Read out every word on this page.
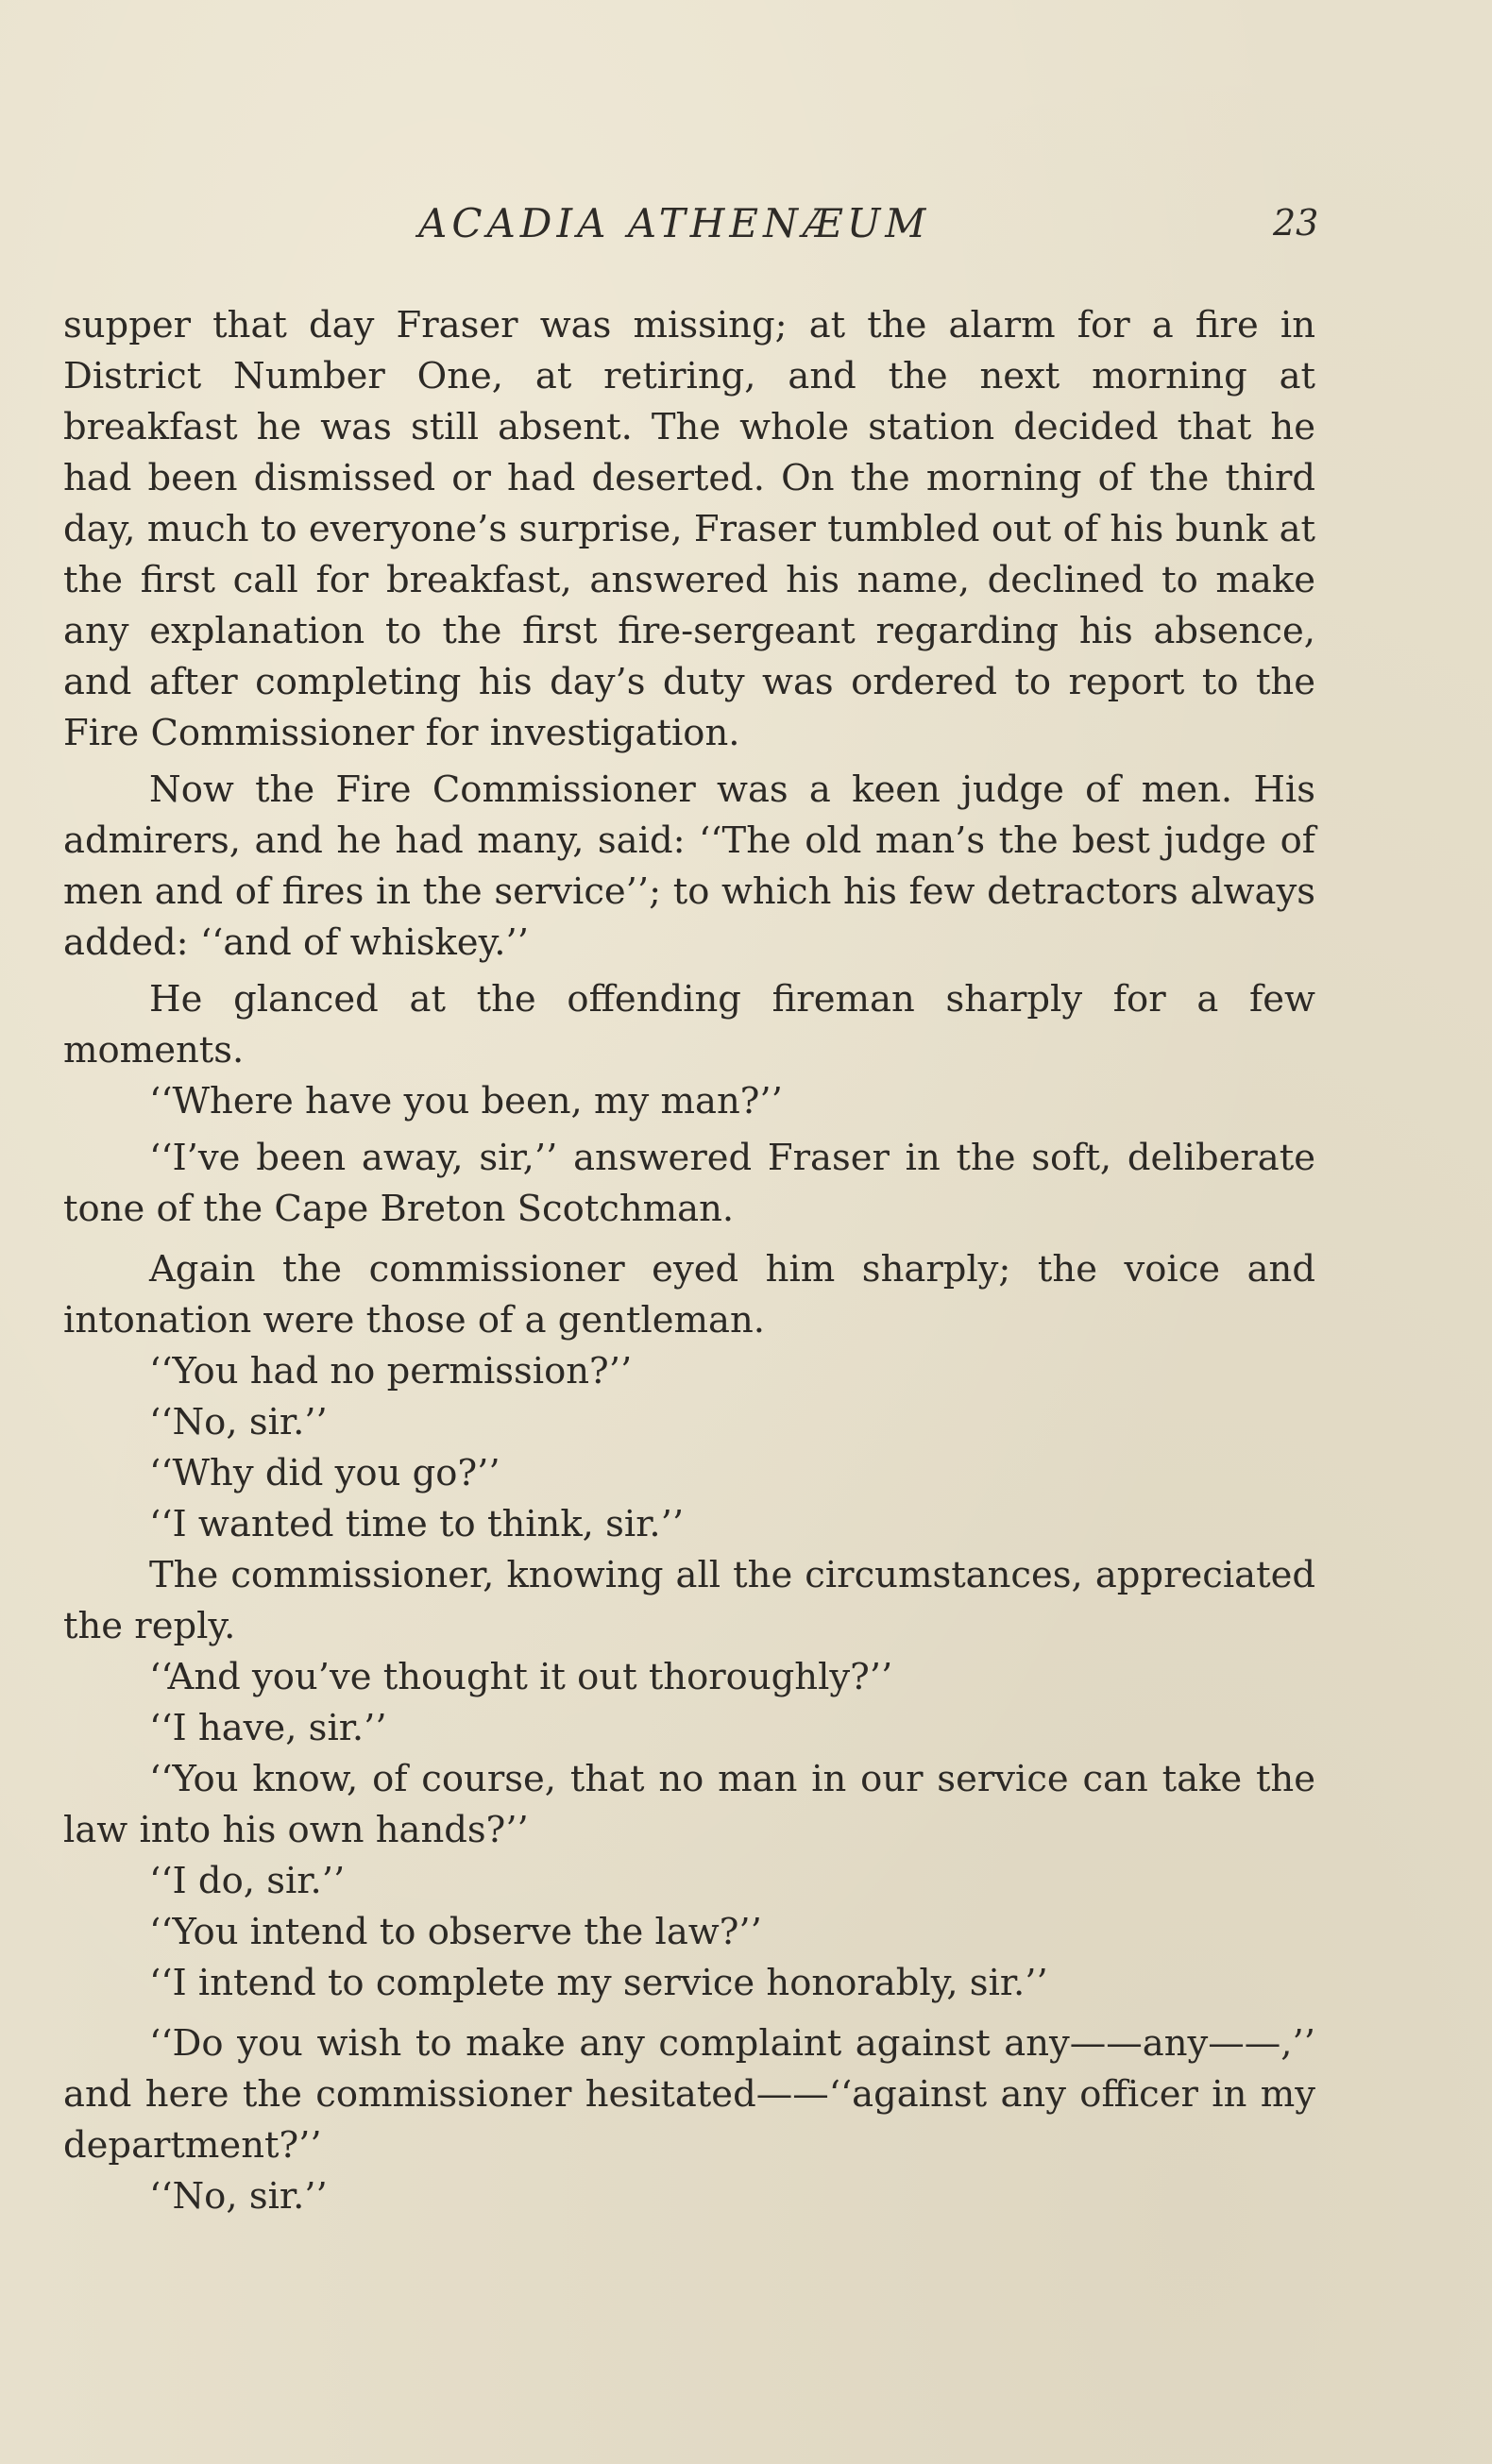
ACADIA ATHENÆUM	23

supper that day Fraser was missing; at the alarm for a fire in District Number One, at retiring, and the next morning at breakfast he was still absent. The whole station decided that he had been dismissed or had deserted. On the morning of the third day, much to everyone’s surprise, Fraser tumbled out of his bunk at the first call for breakfast, answered his name, declined to make any explanation to the first fire-sergeant regarding his absence, and after completing his day’s duty was ordered to report to the Fire Commissioner for investigation.

Now the Fire Commissioner was a keen judge of men. His admirers, and he had many, said: ‘‘The old man’s the best judge of men and of fires in the service’’; to which his few detractors always added: ‘‘and of whiskey.’’

He glanced at the offending fireman sharply for a few moments.

‘‘Where have you been, my man?’’

‘‘I’ve been away, sir,’’ answered Fraser in the soft, deliberate tone of the Cape Breton Scotchman.

Again the commissioner eyed him sharply; the voice and intonation were those of a gentleman.

‘‘You had no permission?’’

‘‘No, sir.’’

‘‘Why did you go?’’

‘‘I wanted time to think, sir.’’

The commissioner, knowing all the circumstances, appreciated the reply.

‘‘And you’ve thought it out thoroughly?’’

‘‘I have, sir.’’

‘‘You know, of course, that no man in our service can take the law into his own hands?’’

‘‘I do, sir.’’

‘‘You intend to observe the law?’’

‘‘I intend to complete my service honorably, sir.’’

‘‘Do you wish to make any complaint against any——any——,’’ and here the commissioner hesitated——‘‘against any officer in my department?’’

‘‘No, sir.’’
